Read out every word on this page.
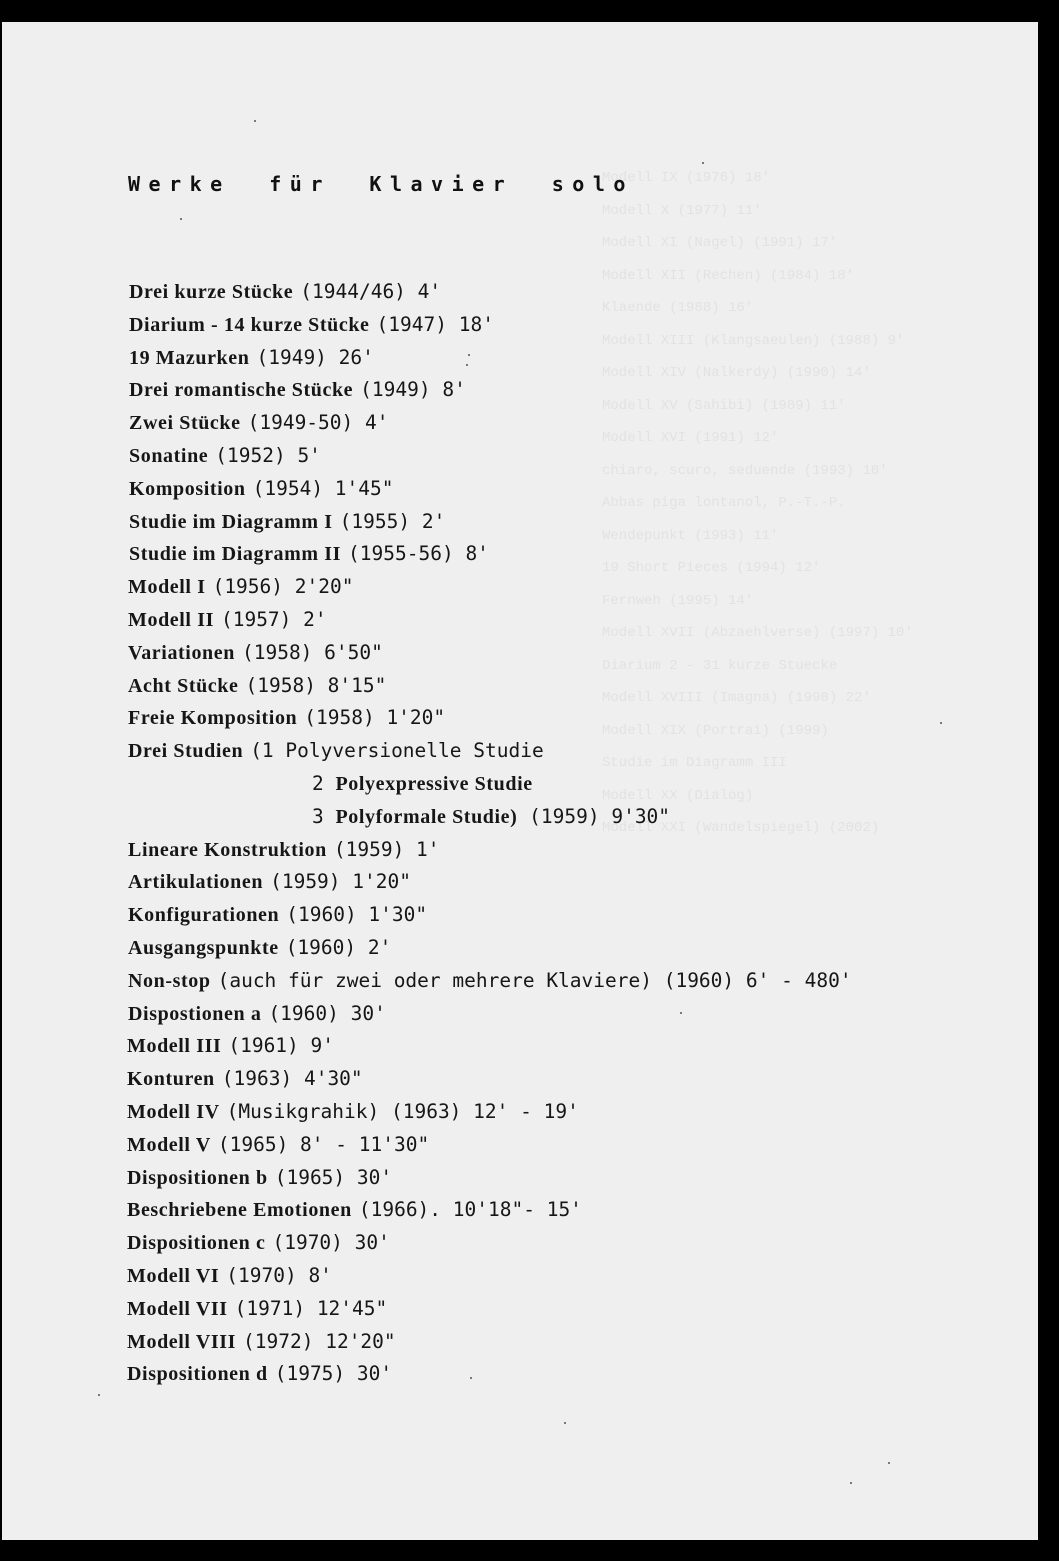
Modell IX (1976) 18'
Modell X (1977) 11'
Modell XI (Nagel) (1991) 17'
Modell XII (Rechen) (1984) 18'
Klaende (1988) 16'
Modell XIII (Klangsaeulen) (1988) 9'
Modell XIV (Nalkerdy) (1990) 14'
Modell XV (Sahibi) (1989) 11'
Modell XVI (1991) 12'
chiaro, scuro, seduende (1993) 10'
Abbas piga lontanol, P.-T.-P.
Wendepunkt (1993) 11'
19 Short Pieces (1994) 12'
Fernweh (1995) 14'
Modell XVII (Abzaehlverse) (1997) 10'
Diarium 2 - 31 kurze Stuecke
Modell XVIII (Imagna) (1998) 22'
Modell XIX (Portrai) (1999)
Studie im Diagramm III
Modell XX (Dialog)
Modell XXI (Wandelspiegel) (2002)
Werke für Klavier solo
Drei kurze Stücke (1944/46) 4'
Diarium - 14 kurze Stücke (1947) 18'
19 Mazurken (1949) 26'
Drei romantische Stücke (1949) 8'
Zwei Stücke (1949-50) 4'
Sonatine (1952) 5'
Komposition (1954) 1'45"
Studie im Diagramm I (1955) 2'
Studie im Diagramm II (1955-56) 8'
Modell I (1956) 2'20"
Modell II (1957) 2'
Variationen (1958) 6'50"
Acht Stücke (1958) 8'15"
Freie Komposition (1958) 1'20"
Drei Studien (1 Polyversionelle Studie
2 Polyexpressive Studie
3 Polyformale Studie) (1959) 9'30"
Lineare Konstruktion (1959) 1'
Artikulationen (1959) 1'20"
Konfigurationen (1960) 1'30"
Ausgangspunkte (1960) 2'
Non-stop (auch für zwei oder mehrere Klaviere) (1960) 6' - 480'
Dispostionen a (1960) 30'
Modell III (1961) 9'
Konturen (1963) 4'30"
Modell IV (Musikgrahik) (1963) 12' - 19'
Modell V (1965) 8' - 11'30"
Dispositionen b (1965) 30'
Beschriebene Emotionen (1966). 10'18"- 15'
Dispositionen c (1970) 30'
Modell VI (1970) 8'
Modell VII (1971) 12'45"
Modell VIII (1972) 12'20"
Dispositionen d (1975) 30'
